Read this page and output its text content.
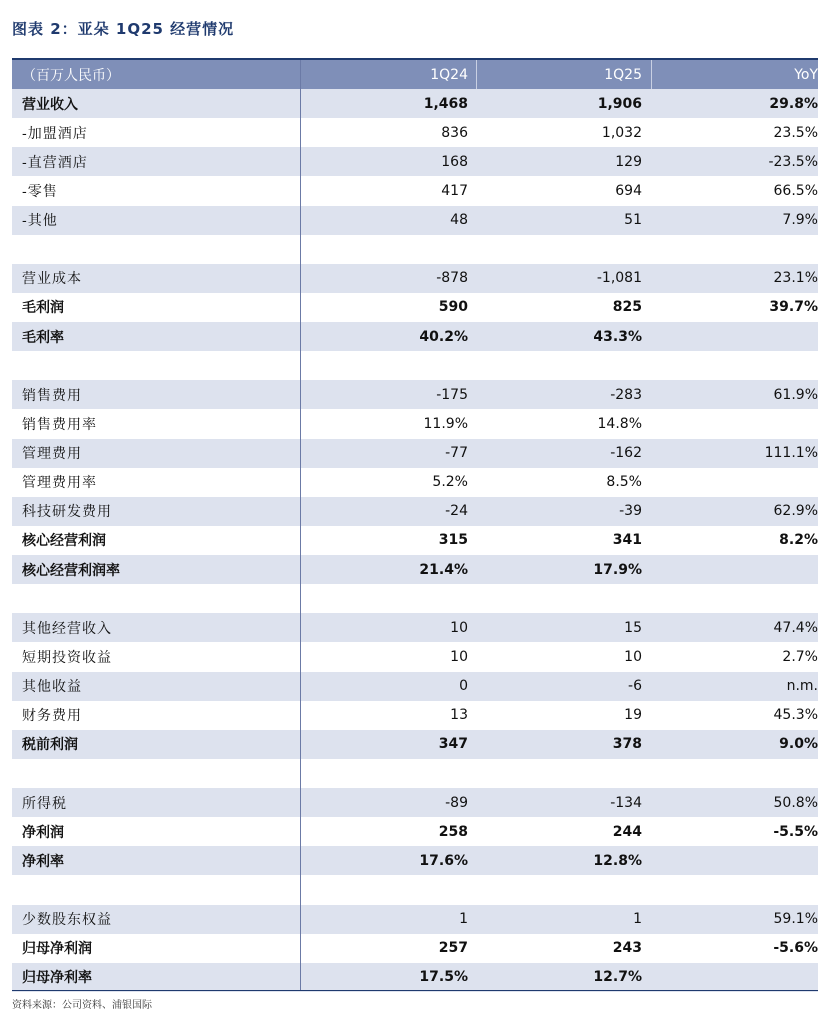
图表 2：亚朵 1Q25 经营情况
（百万人民币）	1Q24	1Q25	YoY
营业收入	1,468	1,906	29.8%
-加盟酒店	836	1,032	23.5%
-直营酒店	168	129	-23.5%
-零售	417	694	66.5%
-其他	48	51	7.9%
营业成本	-878	-1,081	23.1%
毛利润	590	825	39.7%
毛利率	40.2%	43.3%
销售费用	-175	-283	61.9%
销售费用率	11.9%	14.8%
管理费用	-77	-162	111.1%
管理费用率	5.2%	8.5%
科技研发费用	-24	-39	62.9%
核心经营利润	315	341	8.2%
核心经营利润率	21.4%	17.9%
其他经营收入	10	15	47.4%
短期投资收益	10	10	2.7%
其他收益	0	-6	n.m.
财务费用	13	19	45.3%
税前利润	347	378	9.0%
所得税	-89	-134	50.8%
净利润	258	244	-5.5%
净利率	17.6%	12.8%
少数股东权益	1	1	59.1%
归母净利润	257	243	-5.6%
归母净利率	17.5%	12.7%
资料来源：公司资料、浦银国际
